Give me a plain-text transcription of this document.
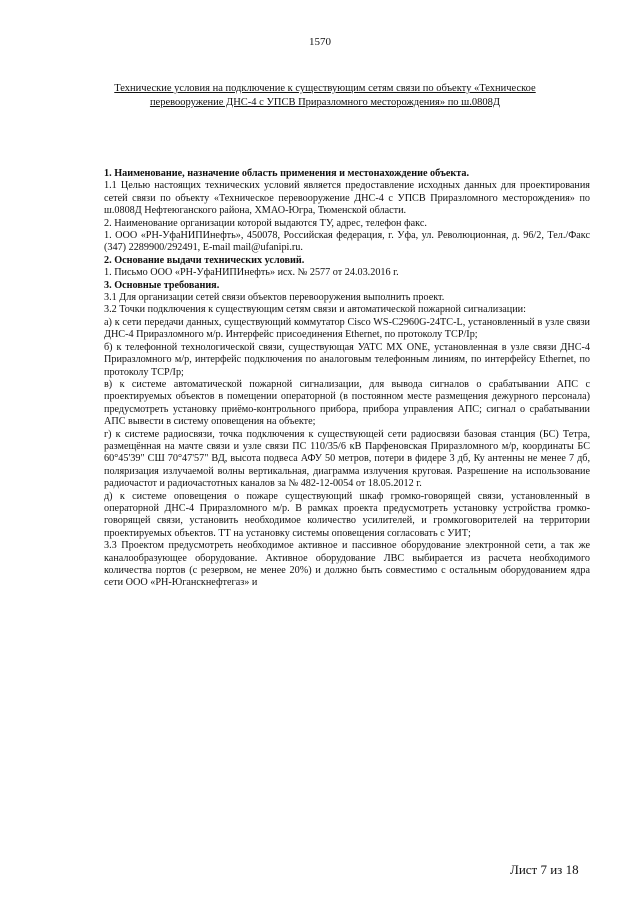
1570
Технические условия на подключение к существующим сетям связи по объекту «Техническое перевооружение ДНС-4 с УПСВ Приразломного месторождения» по ш.0808Д

1. Наименование, назначение область применения и местонахождение объекта.

1.1 Целью настоящих технических условий является предоставление исходных данных для проектирования сетей связи по объекту «Техническое перевооружение ДНС-4 с УПСВ Приразломного месторождения» по ш.0808Д Нефтеюганского района, ХМАО-Югра, Тюменской области.

2. Наименование организации которой выдаются ТУ, адрес, телефон факс.

1. ООО «РН-УфаНИПИнефть», 450078, Российская федерация, г. Уфа, ул. Революционная, д. 96/2, Тел./Факс (347) 2289900/292491, E-mail mail@ufanipi.ru.

2. Основание выдачи технических условий.

1. Письмо ООО «РН-УфаНИПИнефть» исх. № 2577 от 24.03.2016 г.

3. Основные требования.

3.1 Для организации сетей связи объектов перевооружения выполнить проект.

3.2 Точки подключения к существующим сетям связи и автоматической пожарной сигнализации:

а) к сети передачи данных, существующий коммутатор Cisco WS-C2960G-24TC-L, установленный в узле связи ДНС-4 Приразломного м/р. Интерфейс присоединения Ethernet, по протоколу TCP/Ip;

б) к телефонной технологической связи, существующая УАТС MX ONE, установленная в узле связи ДНС-4 Приразломного м/р, интерфейс подключения по аналоговым телефонным линиям, по интерфейсу Ethernet, по протоколу TCP/Ip;

в) к системе автоматической пожарной сигнализации, для вывода сигналов о срабатывании АПС с проектируемых объектов в помещении операторной (в постоянном месте размещения дежурного персонала) предусмотреть установку приёмо-контрольного прибора, прибора управления АПС; сигнал о срабатывании АПС вывести в систему оповещения на объекте;

г) к системе радиосвязи, точка подключения к существующей сети радиосвязи базовая станция (БС) Тетра, размещённая на мачте связи и узле связи ПС 110/35/6 кВ Парфеновская Приразломного м/р, координаты БС 60°45'39" СШ 70°47'57" ВД, высота подвеса АФУ 50 метров, потери в фидере 3 дб, Ку антенны не менее 7 дб, поляризация излучаемой волны вертикальная, диаграмма излучения круговая. Разрешение на использование радиочастот и радиочастотных каналов за № 482-12-0054 от 18.05.2012 г.

д) к системе оповещения о пожаре существующий шкаф громко-говорящей связи, установленный в операторной ДНС-4 Приразломного м/р. В рамках проекта предусмотреть установку устройства громко-говорящей связи, установить необходимое количество усилителей, и громкоговорителей на территории проектируемых объектов. ТТ на установку системы оповещения согласовать с УИТ;

3.3 Проектом предусмотреть необходимое активное и пассивное оборудование электронной сети, а так же каналообразующее оборудование. Активное оборудование ЛВС выбирается из расчета необходимого количества портов (с резервом, не менее 20%) и должно быть совместимо с остальным оборудованием ядра сети ООО «РН-Юганскнефтегаз» и

Лист 7 из 18
